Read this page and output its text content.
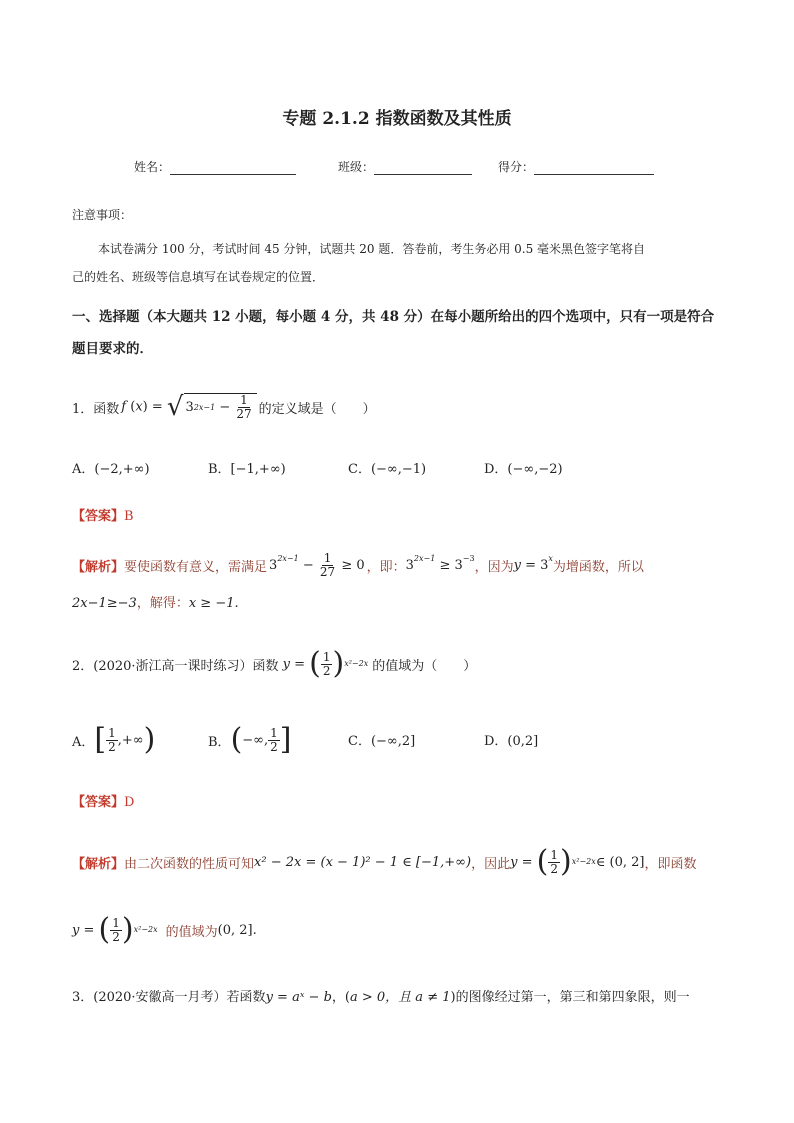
专题 2.1.2 指数函数及其性质
姓名：	班级：	得分：
注意事项：
本试卷满分 100 分，考试时间 45 分钟，试题共 20 题．答卷前，考生务必用 0.5 毫米黑色签字笔将自
己的姓名、班级等信息填写在试卷规定的位置．
一、选择题（本大题共 12 小题，每小题 4 分，共 48 分）在每小题所给出的四个选项中，只有一项是符合
题目要求的．
1．函数 f (x) = √ 3 $2x-1 - \frac{1}{27}$ 的定义域是（　　）
A．(−2,+∞)	B．[−1,+∞)	C．(−∞,−1)	D．(−∞,−2)
【答案】B
【解析】 要使函数有意义，需满足 $3^{2x-1} - \frac{1}{27} \ge 0$ ，即： $3^{2x-1} \ge 3^{-3}$
，因为 $y = 3^x$
为增函数，所以
2x−1≥−3，解得：x ≥ −1.
2．(2020·浙江高一课时练习）函数 y
=
( $\frac{1}{2}$ ) x²−2x 的值域为（　　）
A． [ $\frac{1}{2}$ ,+∞ )	B． ( −∞, $\frac{1}{2}$ ]	C．(−∞,2]	D．(0,2]
【答案】D
【解析】 由二次函数的性质可知 x² − 2x = (x − 1)² − 1 ∈ [−1,+∞) ，因此 y
=
( $\frac{1}{2}$ ) x²−2x ∈ (0, 2] ，即函数
y
=
( $\frac{1}{2}$ ) x²−2x 的值域为 (0, 2].
3．(2020·安徽高一月考）若函数y = aˣ − b，(a > 0，且 a ≠ 1)的图像经过第一，第三和第四象限，则一
